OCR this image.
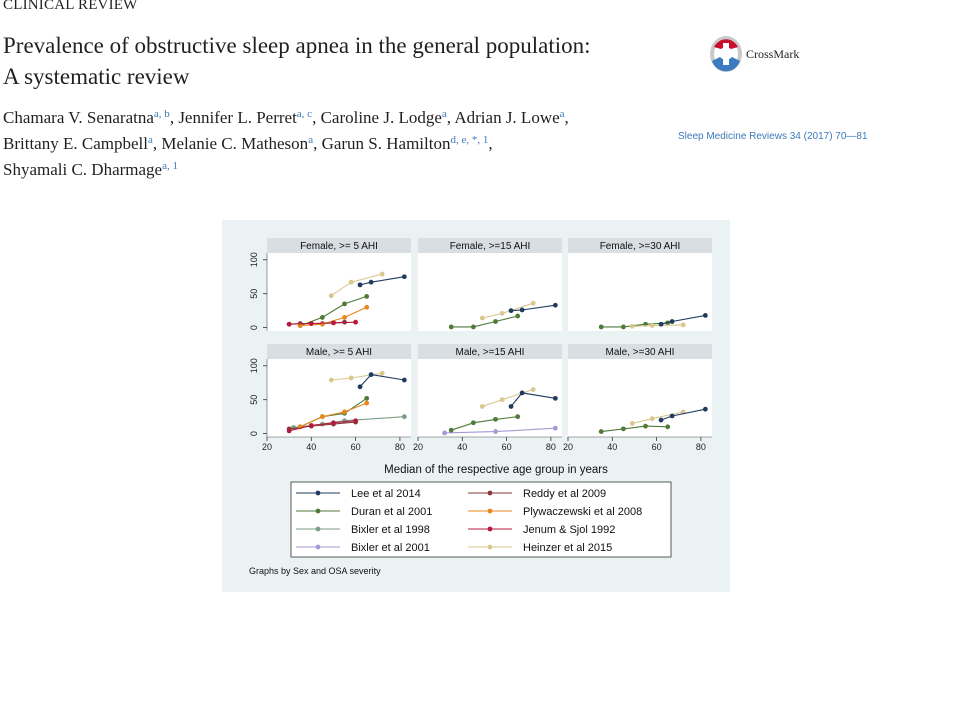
CLINICAL REVIEW
Prevalence of obstructive sleep apnea in the general population:
A systematic review
CrossMark
Chamara V. Senaratna$^{a, b}$, Jennifer L. Perret$^{a, c}$, Caroline J. Lodge$^a$, Adrian J. Lowe$^a$,
Brittany E. Campbell$^a$, Melanie C. Matheson$^a$, Garun S. Hamilton$^{d, e, *, 1}$,
Shyamali C. Dharmage$^{a, 1}$
Sleep Medicine Reviews 34 (2017) 70—81
Female, >= 5 AHI
0
50
100
Female, >=15 AHI	Female, >=30 AHI
Male, >= 5 AHI
0
50
100
20	40	60	80
Male, >=15 AHI
20	40	60	80
Male, >=30 AHI
20	40	60	80
Median of the respective age group in years
Lee et al 2014	Reddy et al 2009
Duran et al 2001	Plywaczewski et al 2008
Bixler et al 1998	Jenum & Sjol 1992
Bixler et al 2001	Heinzer et al 2015
Graphs by Sex and OSA severity
